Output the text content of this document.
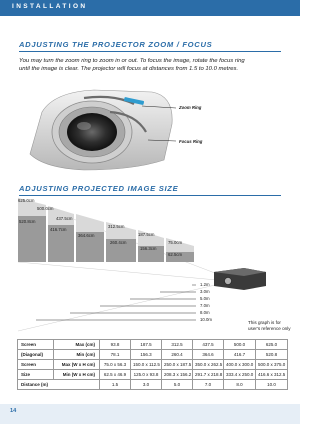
INSTALLATION
ADJUSTING THE PROJECTOR ZOOM / FOCUS
You may turn the zoom ring to zoom in or out. To focus the image, rotate the focus ring until the image is clear. The projector will focus at distances from 1.5 to 10.0 metres.
Zoom Ring
Focus Ring
ADJUSTING PROJECTED IMAGE SIZE
625.0cm
500.0cm
437.5cm
312.5cm
187.5cm
75.0cm
520.8cm
416.7cm
364.6cm
260.4cm
156.3cm
62.5cm
1.2m
3.0m
5.0m
7.0m
8.0m
10.0m
This graph is for
user's reference only
Screen	Max (cm)	93.8	187.5	312.5	437.5	500.0	625.0
(Diagonal)	Min (cm)	78.1	156.3	260.4	364.6	416.7	520.8
Screen	Max (W x H cm)	75.0 x 56.3	150.0 x 112.5	250.0 x 187.5	350.0 x 262.5	400.0 x 300.0	500.0 x 375.0
Size	Min (W x H cm)	62.5 x 46.9	125.0 x 93.8	208.3 x 156.2	291.7 x 218.8	333.4 x 250.0	416.6 x 312.5
Distance (m)		1.5	3.0	5.0	7.0	8.0	10.0
14
